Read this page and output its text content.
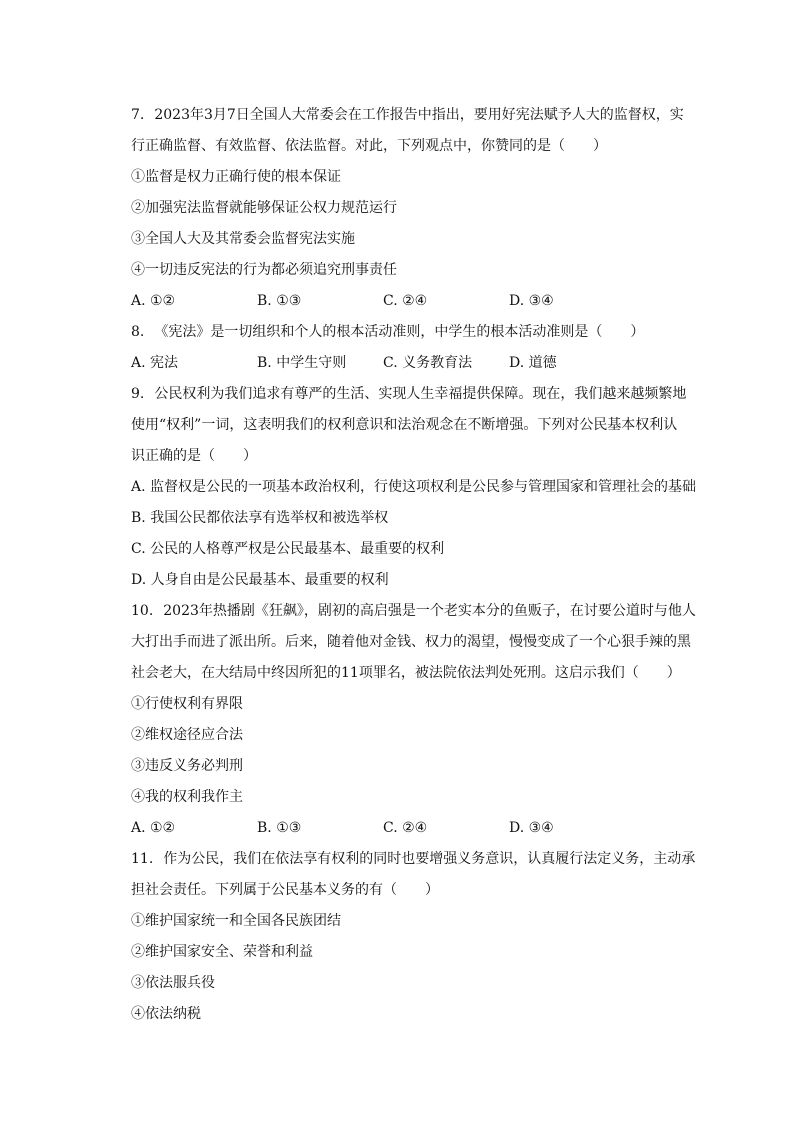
7. 2023年3月7日全国人大常委会在工作报告中指出，要用好宪法赋予人大的监督权，实
行正确监督、有效监督、依法监督。对此，下列观点中，你赞同的是（　　）
①监督是权力正确行使的根本保证
②加强宪法监督就能够保证公权力规范运行
③全国人大及其常委会监督宪法实施
④一切违反宪法的行为都必须追究刑事责任
A. ①②	B. ①③	C. ②④	D. ③④
8. 《宪法》是一切组织和个人的根本活动准则，中学生的根本活动准则是（　　）
A. 宪法	B. 中学生守则	C. 义务教育法	D. 道德
9. 公民权利为我们追求有尊严的生活、实现人生幸福提供保障。现在，我们越来越频繁地
使用“权利”一词，这表明我们的权利意识和法治观念在不断增强。下列对公民基本权利认
识正确的是（　　）
A. 监督权是公民的一项基本政治权利，行使这项权利是公民参与管理国家和管理社会的基础
B. 我国公民都依法享有选举权和被选举权
C. 公民的人格尊严权是公民最基本、最重要的权利
D. 人身自由是公民最基本、最重要的权利
10. 2023年热播剧《狂飙》，剧初的高启强是一个老实本分的鱼贩子，在讨要公道时与他人
大打出手而进了派出所。后来，随着他对金钱、权力的渴望，慢慢变成了一个心狠手辣的黑
社会老大，在大结局中终因所犯的11项罪名，被法院依法判处死刑。这启示我们（　　）
①行使权利有界限
②维权途径应合法
③违反义务必判刑
④我的权利我作主
A. ①②	B. ①③	C. ②④	D. ③④
11. 作为公民，我们在依法享有权利的同时也要增强义务意识，认真履行法定义务，主动承
担社会责任。下列属于公民基本义务的有（　　）
①维护国家统一和全国各民族团结
②维护国家安全、荣誉和利益
③依法服兵役
④依法纳税
